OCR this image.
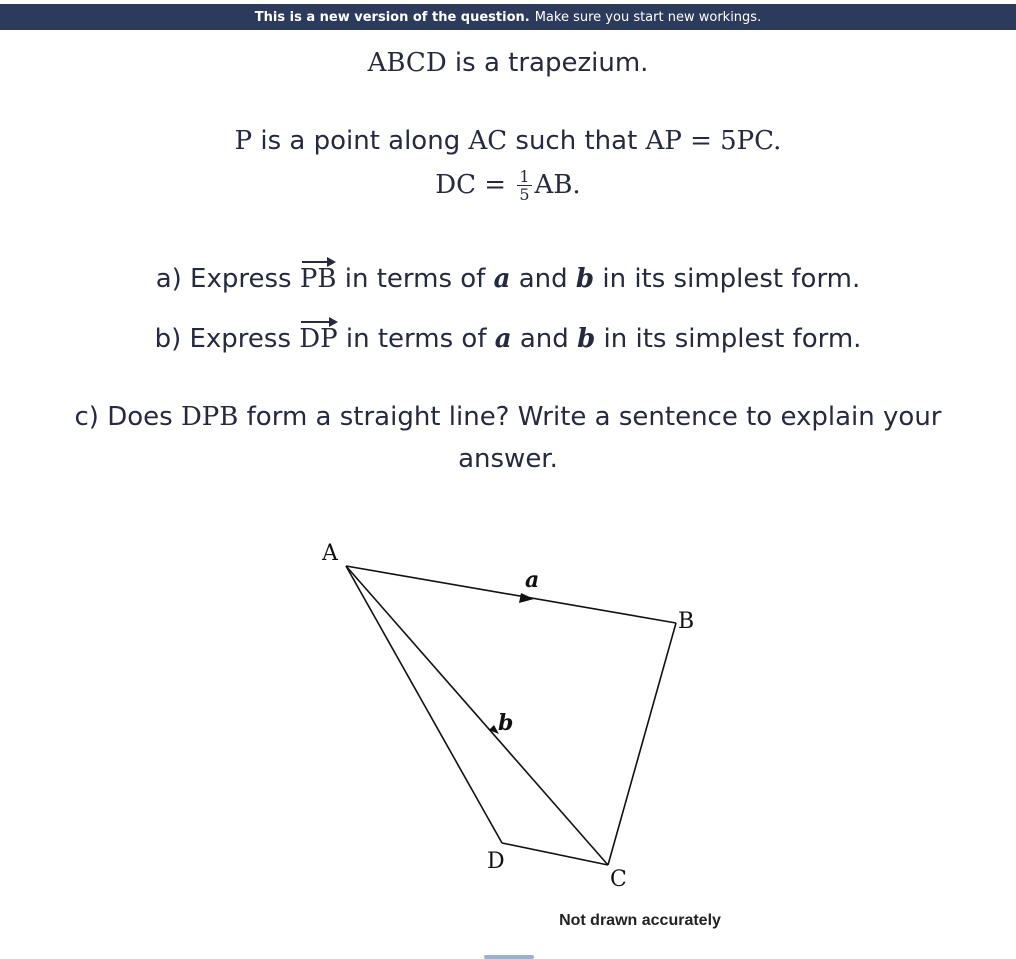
This is a new version of the question. Make sure you start new workings.
ABCD is a trapezium.
P is a point along AC such that AP = 5PC.
DC = $\frac{1}{5}$ AB.
a) Express PB in terms of a and b in its simplest form.
b) Express DP in terms of a and b in its simplest form.
c) Does DPB form a straight line? Write a sentence to explain your
answer.
A
B
C
D
a
b
Not drawn accurately
